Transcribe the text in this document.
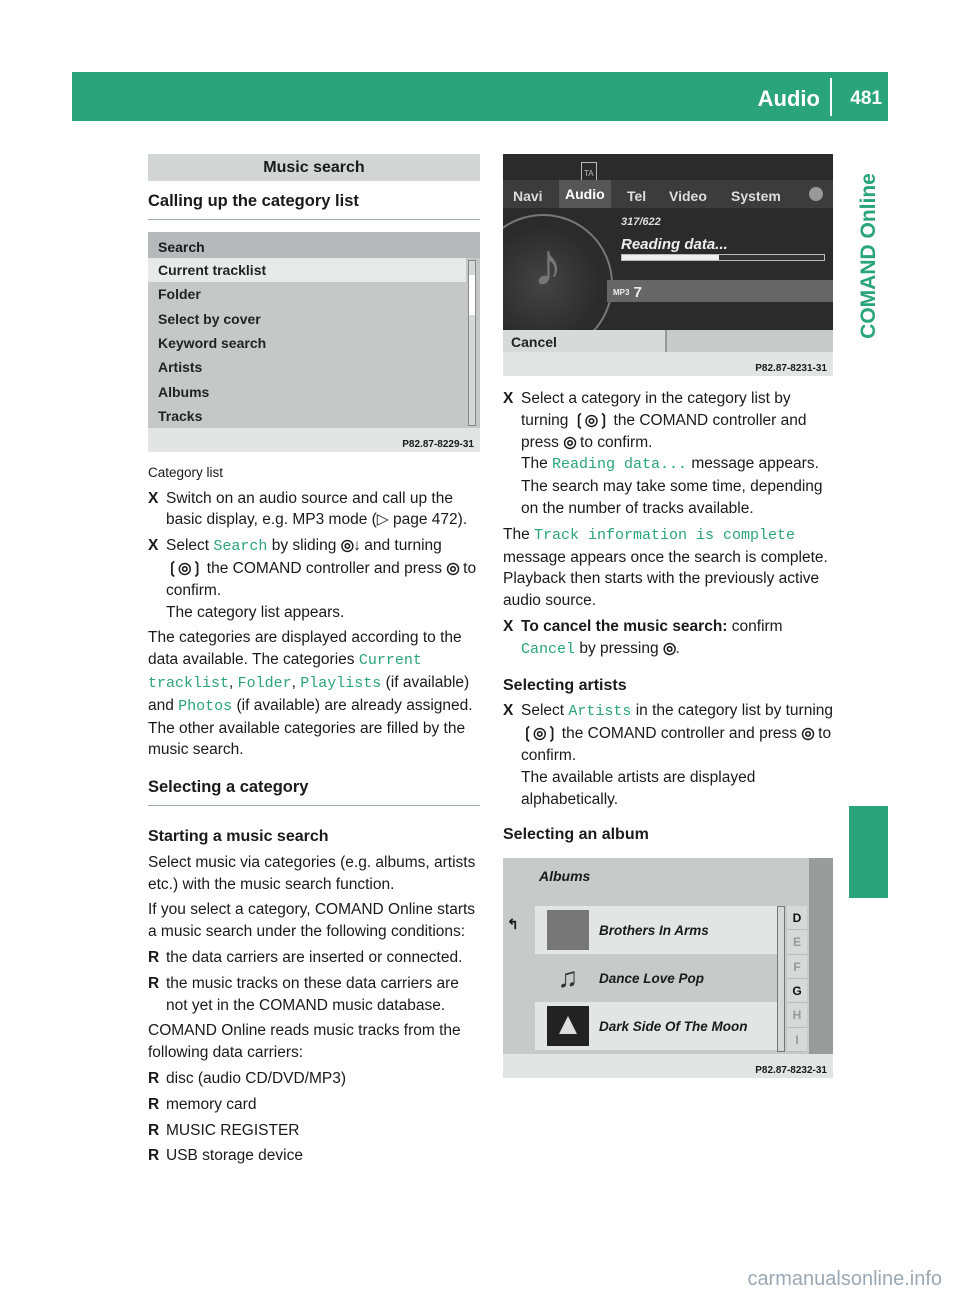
Audio 481
COMAND Online
Music search
Calling up the category list
Search
Current tracklist
Folder
Select by cover
Keyword search
Artists
Albums
Tracks
P82.87-8229-31
Category list
X Switch on an audio source and call up the basic display, e.g. MP3 mode (▷ page 472).
X Select Search by sliding ◎↓ and turning ❲◎❳ the COMAND controller and press ◎ to confirm.
The category list appears.
The categories are displayed according to the data available. The categories Current tracklist, Folder, Playlists (if available) and Photos (if available) are already assigned. The other available categories are filled by the music search.
Selecting a category
Starting a music search
Select music via categories (e.g. albums, artists etc.) with the music search function.
If you select a category, COMAND Online starts a music search under the following conditions:
R the data carriers are inserted or connected.
R the music tracks on these data carriers are not yet in the COMAND music database.
COMAND Online reads music tracks from the following data carriers:
R disc (audio CD/DVD/MP3)
R memory card
R MUSIC REGISTER
R USB storage device
TA
Navi	Audio	Tel Video System
♪
317/622
Reading data...
$^{MP3}$ 7
Cancel
P82.87-8231-31
X Select a category in the category list by turning ❲◎❳ the COMAND controller and press ◎ to confirm.
The Reading data... message appears.
The search may take some time, depending on the number of tracks available.
The Track information is complete message appears once the search is complete. Playback then starts with the previously active audio source.
X To cancel the music search: confirm Cancel by pressing ◎.
Selecting artists
X Select Artists in the category list by turning ❲◎❳ the COMAND controller and press ◎ to confirm.
The available artists are displayed alphabetically.
Selecting an album
Albums
↰	Brothers In Arms
♫	Dance Love Pop
Dark Side Of The Moon
D
E
F
G
H
I
P82.87-8232-31
carmanualsonline.info
